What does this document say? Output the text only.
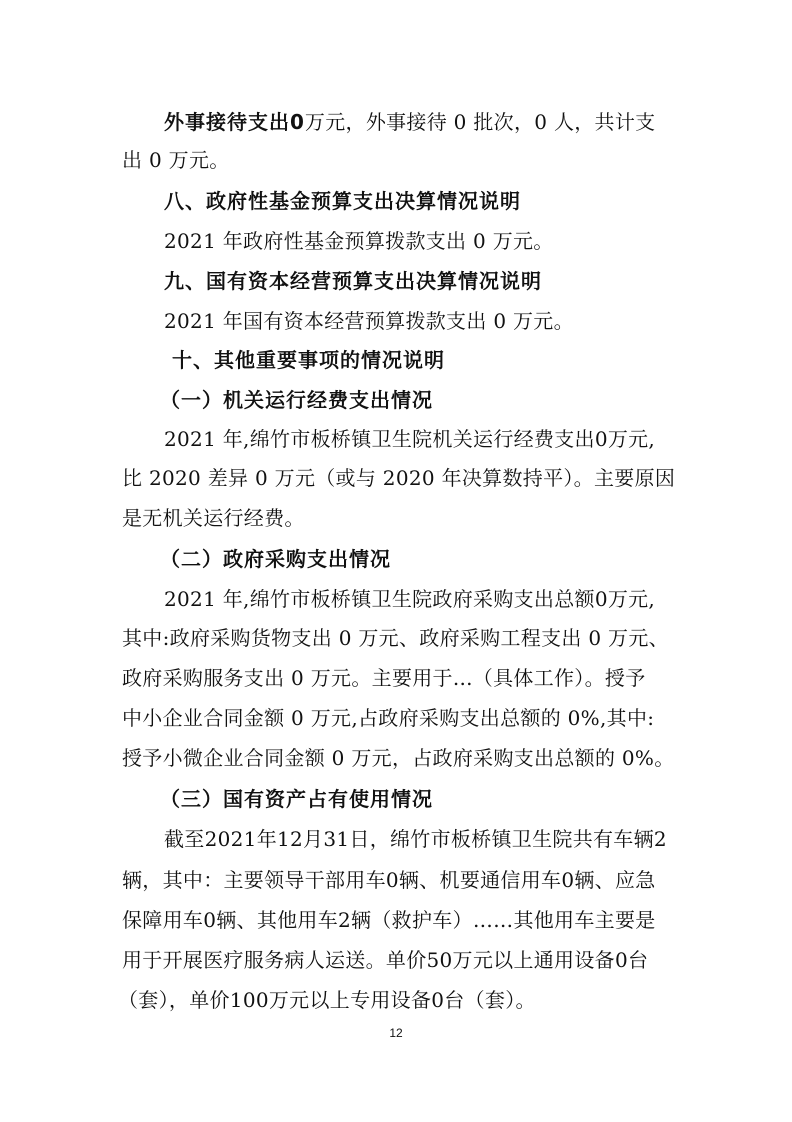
外事接待支出0万元，外事接待 0 批次，0 人，共计支
出 0 万元。
八、政府性基金预算支出决算情况说明
2021 年政府性基金预算拨款支出 0 万元。
九、国有资本经营预算支出决算情况说明
2021 年国有资本经营预算拨款支出 0 万元。
十、其他重要事项的情况说明
（一）机关运行经费支出情况
2021 年,绵竹市板桥镇卫生院机关运行经费支出0万元,
比 2020 差异 0 万元（或与 2020 年决算数持平）。主要原因
是无机关运行经费。
（二）政府采购支出情况
2021 年,绵竹市板桥镇卫生院政府采购支出总额0万元,
其中:政府采购货物支出 0 万元、政府采购工程支出 0 万元、
政府采购服务支出 0 万元。主要用于...（具体工作）。授予
中小企业合同金额 0 万元,占政府采购支出总额的 0%,其中:
授予小微企业合同金额 0 万元，占政府采购支出总额的 0%。
（三）国有资产占有使用情况
截至2021年12月31日，绵竹市板桥镇卫生院共有车辆2
辆，其中：主要领导干部用车0辆、机要通信用车0辆、应急
保障用车0辆、其他用车2辆（救护车）……其他用车主要是
用于开展医疗服务病人运送。单价50万元以上通用设备0台
（套），单价100万元以上专用设备0台（套）。
12
